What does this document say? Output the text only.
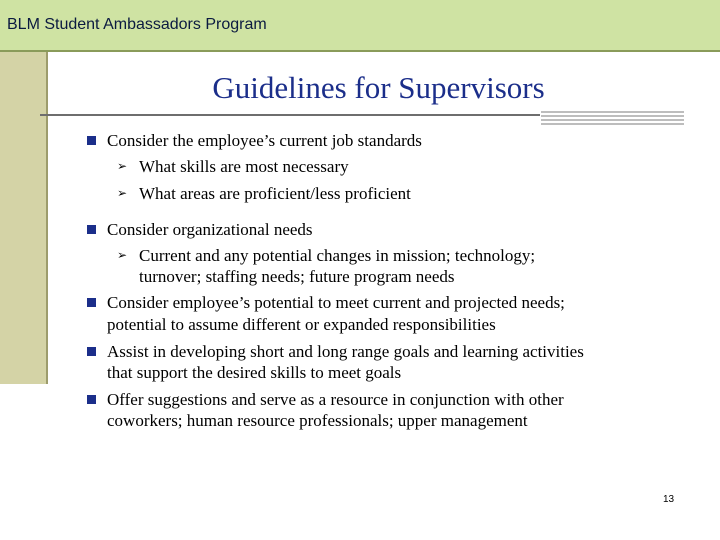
BLM Student Ambassadors Program
Guidelines for Supervisors
Consider the employee’s current job standards
➢ What skills are most necessary
➢ What areas are proficient/less proficient
Consider organizational needs
➢ Current and any potential changes in mission; technology;
turnover; staffing needs; future program needs
Consider employee’s potential to meet current and projected needs;
potential to assume different or expanded responsibilities
Assist in developing short and long range goals and learning activities
that support the desired skills to meet goals
Offer suggestions and serve as a resource in conjunction with other
coworkers; human resource professionals; upper management
13
